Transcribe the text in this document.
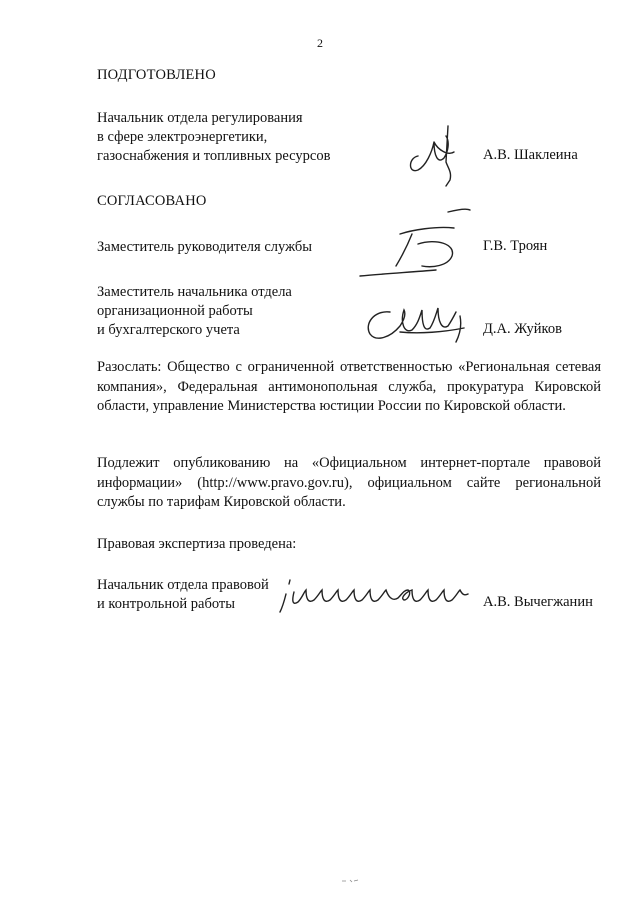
2
ПОДГОТОВЛЕНО
Начальник отдела регулирования
в сфере электроэнергетики,
газоснабжения и топливных ресурсов	А.В. Шаклеина
СОГЛАСОВАНО
Заместитель руководителя службы	Г.В. Троян
Заместитель начальника отдела
организационной работы
и бухгалтерского учета	Д.А. Жуйков
Разослать: Общество с ограниченной ответственностью «Региональная сетевая компания», Федеральная антимонопольная служба, прокуратура Кировской области, управление Министерства юстиции России по Кировской области.
Подлежит опубликованию на «Официальном интернет-портале правовой информации» (http://www.pravo.gov.ru), официальном сайте региональной службы по тарифам Кировской области.
Правовая экспертиза проведена:
Начальник отдела правовой
и контрольной работы	А.В. Вычегжанин
